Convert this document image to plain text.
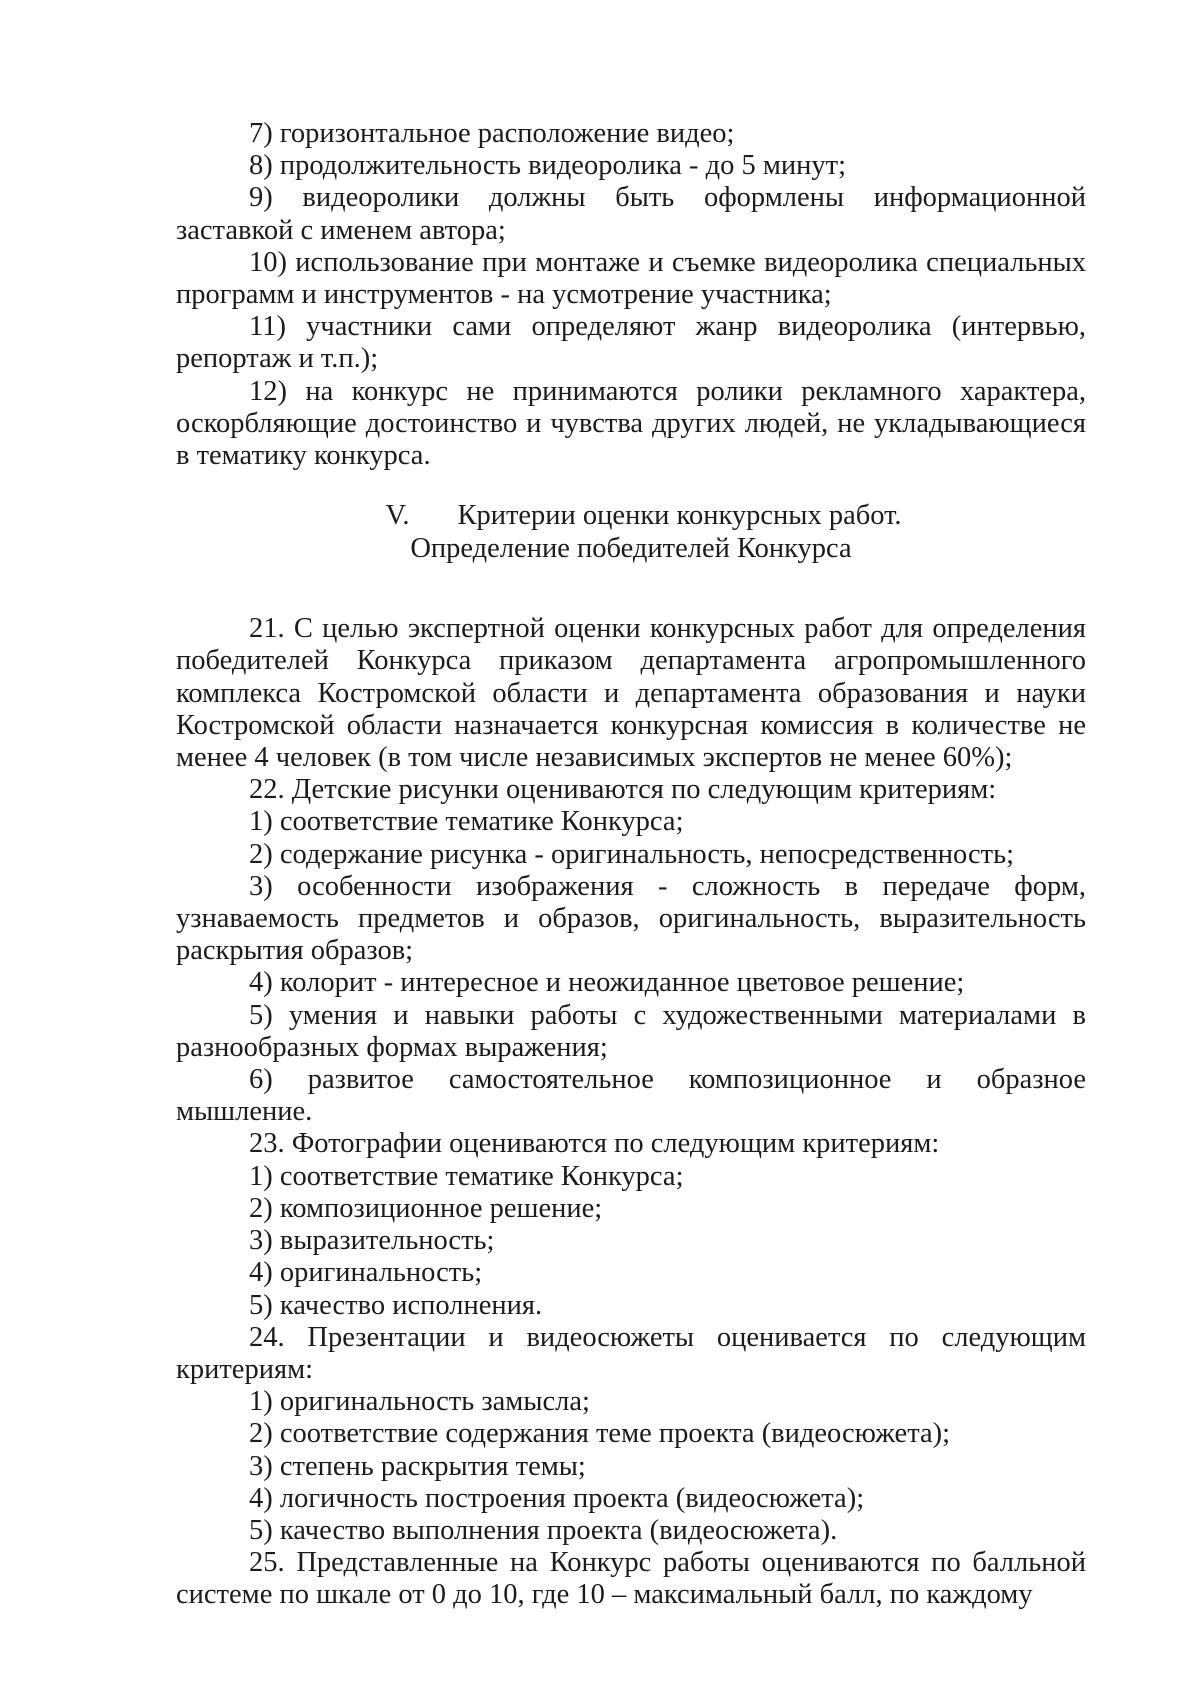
7) горизонтальное расположение видео;

8) продолжительность видеоролика - до 5 минут;

9) видеоролики должны быть оформлены информационной заставкой с именем автора;

10) использование при монтаже и съемке видеоролика специальных программ и инструментов - на усмотрение участника;

11) участники сами определяют жанр видеоролика (интервью, репортаж и т.п.);

12) на конкурс не принимаются ролики рекламного характера, оскорбляющие достоинство и чувства других людей, не укладывающиеся в тематику конкурса.

V. Критерии оценки конкурсных работ.
Определение победителей Конкурса

21. С целью экспертной оценки конкурсных работ для определения победителей Конкурса приказом департамента агропромышленного комплекса Костромской области и департамента образования и науки Костромской области назначается конкурсная комиссия в количестве не менее 4 человек (в том числе независимых экспертов не менее 60%);

22. Детские рисунки оцениваются по следующим критериям:

1) соответствие тематике Конкурса;

2) содержание рисунка - оригинальность, непосредственность;

3) особенности изображения - сложность в передаче форм, узнаваемость предметов и образов, оригинальность, выразительность раскрытия образов;

4) колорит - интересное и неожиданное цветовое решение;

5) умения и навыки работы с художественными материалами в разнообразных формах выражения;

6) развитое самостоятельное композиционное и образное мышление.

23. Фотографии оцениваются по следующим критериям:

1) соответствие тематике Конкурса;

2) композиционное решение;

3) выразительность;

4) оригинальность;

5) качество исполнения.

24. Презентации и видеосюжеты оценивается по следующим критериям:

1) оригинальность замысла;

2) соответствие содержания теме проекта (видеосюжета);

3) степень раскрытия темы;

4) логичность построения проекта (видеосюжета);

5) качество выполнения проекта (видеосюжета).

25. Представленные на Конкурс работы оцениваются по балльной системе по шкале от 0 до 10, где 10 – максимальный балл, по каждому
